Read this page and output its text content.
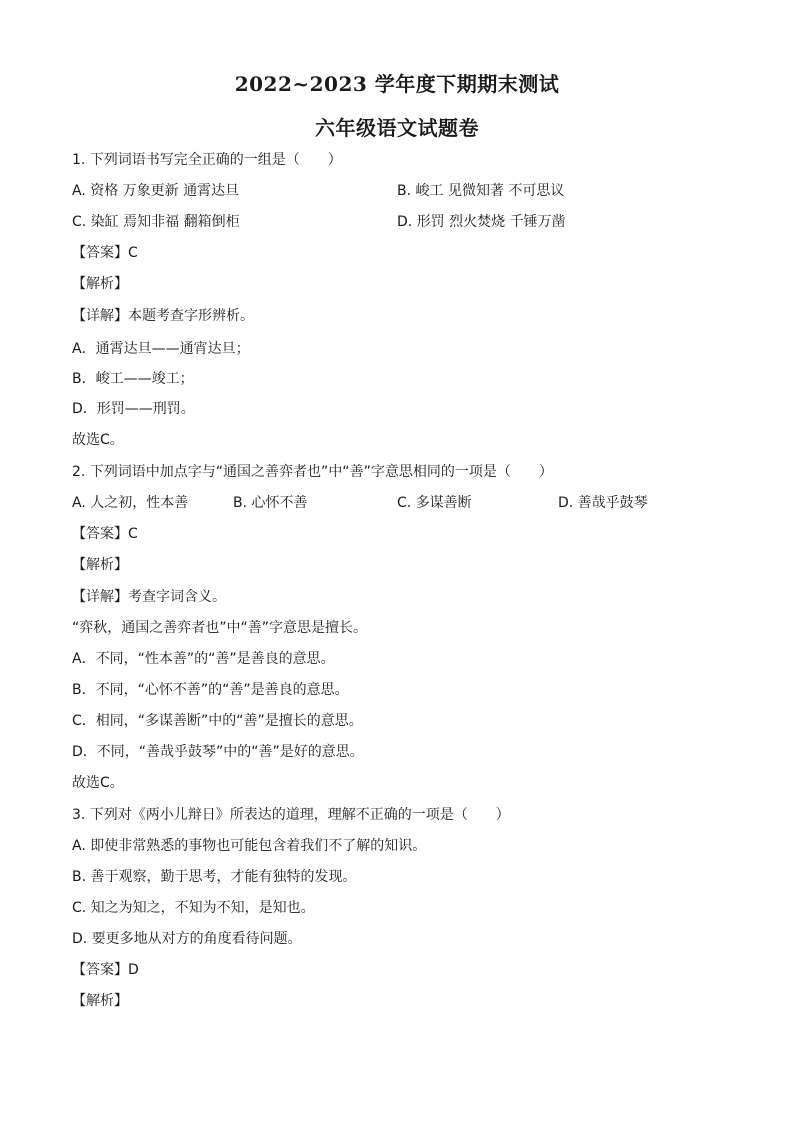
2022~2023 学年度下期期末测试
六年级语文试题卷
1. 下列词语书写完全正确的一组是（　　）
A. 资格 万象更新 通霄达旦	B. 峻工 见微知著 不可思议
C. 染缸 焉知非福 翻箱倒柜	D. 形罚 烈火焚烧 千锤万凿
【答案】C
【解析】
【详解】本题考查字形辨析。
A．通霄达旦——通宵达旦；
B．峻工——竣工；
D．形罚——刑罚。
故选C。
2. 下列词语中加点字与“通国之善弈者也”中“善”字意思相同的一项是（　　）
A. 人之初，性本善	B. 心怀不善	C. 多谋善断	D. 善哉乎鼓琴
【答案】C
【解析】
【详解】考查字词含义。
“弈秋，通国之善弈者也”中“善”字意思是擅长。
A．不同，“性本善”的“善”是善良的意思。
B．不同，“心怀不善”的“善”是善良的意思。
C．相同，“多谋善断”中的“善”是擅长的意思。
D．不同，“善哉乎鼓琴”中的“善”是好的意思。
故选C。
3. 下列对《两小儿辩日》所表达的道理，理解不正确的一项是（　　）
A. 即使非常熟悉的事物也可能包含着我们不了解的知识。
B. 善于观察，勤于思考，才能有独特的发现。
C. 知之为知之，不知为不知，是知也。
D. 要更多地从对方的角度看待问题。
【答案】D
【解析】
